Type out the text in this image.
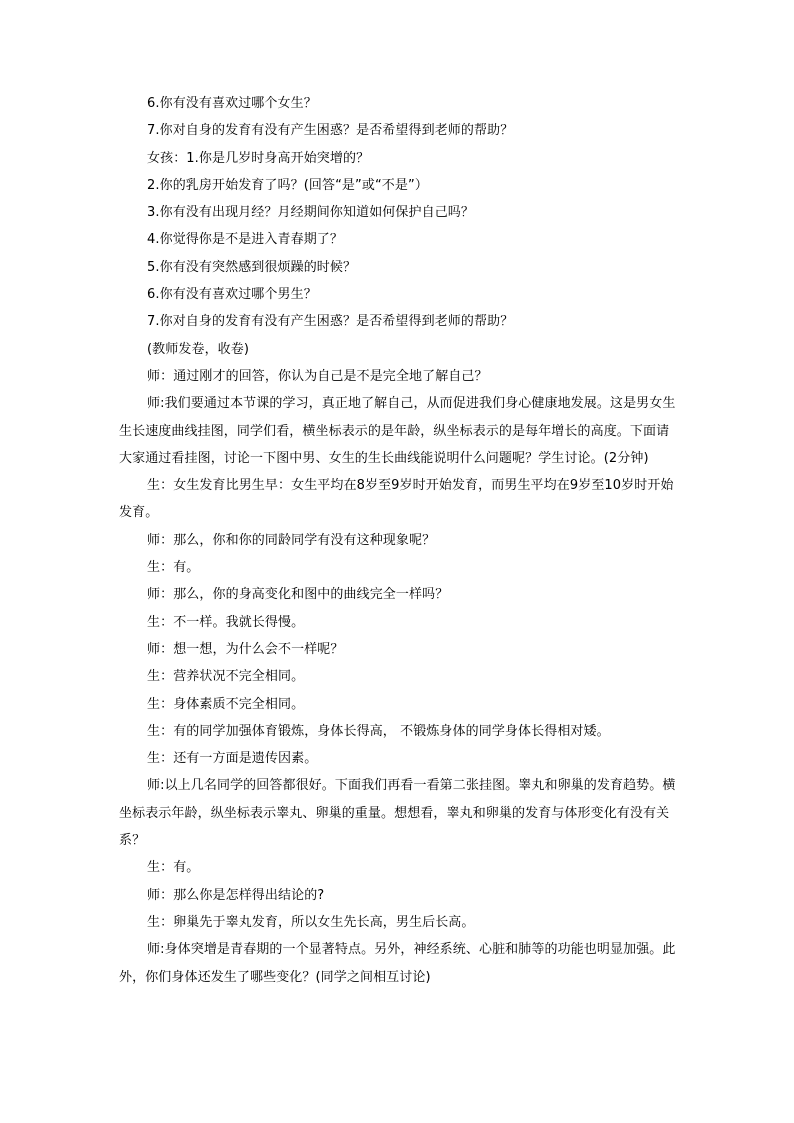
6.你有没有喜欢过哪个女生？

7.你对自身的发育有没有产生困惑？是否希望得到老师的帮助？

女孩：1.你是几岁时身高开始突增的？

2.你的乳房开始发育了吗？(回答“是”或“不是”）

3.你有没有出现月经？月经期间你知道如何保护自己吗？

4.你觉得你是不是进入青春期了？

5.你有没有突然感到很烦躁的时候？

6.你有没有喜欢过哪个男生？

7.你对自身的发育有没有产生困惑？是否希望得到老师的帮助？

(教师发卷，收卷)

师：通过刚才的回答，你认为自己是不是完全地了解自己？

师:我们要通过本节课的学习，真正地了解自己，从而促进我们身心健康地发展。这是男女生生长速度曲线挂图，同学们看，横坐标表示的是年龄，纵坐标表示的是每年增长的高度。下面请大家通过看挂图，讨论一下图中男、女生的生长曲线能说明什么问题呢？学生讨论。(2分钟)

生：女生发育比男生早：女生平均在8岁至9岁时开始发育，而男生平均在9岁至10岁时开始发育。

师：那么，你和你的同龄同学有没有这种现象呢？

生：有。

师：那么，你的身高变化和图中的曲线完全一样吗？

生：不一样。我就长得慢。

师：想一想，为什么会不一样呢？

生：营养状况不完全相同。

生：身体素质不完全相同。

生：有的同学加强体育锻炼，身体长得高， 不锻炼身体的同学身体长得相对矮。

生：还有一方面是遗传因素。

师:以上几名同学的回答都很好。下面我们再看一看第二张挂图。睾丸和卵巢的发育趋势。横坐标表示年龄，纵坐标表示睾丸、卵巢的重量。想想看，睾丸和卵巢的发育与体形变化有没有关系？

生：有。

师：那么你是怎样得出结论的?

生：卵巢先于睾丸发育，所以女生先长高，男生后长高。

师:身体突增是青春期的一个显著特点。另外，神经系统、心脏和肺等的功能也明显加强。此外，你们身体还发生了哪些变化？(同学之间相互讨论)
